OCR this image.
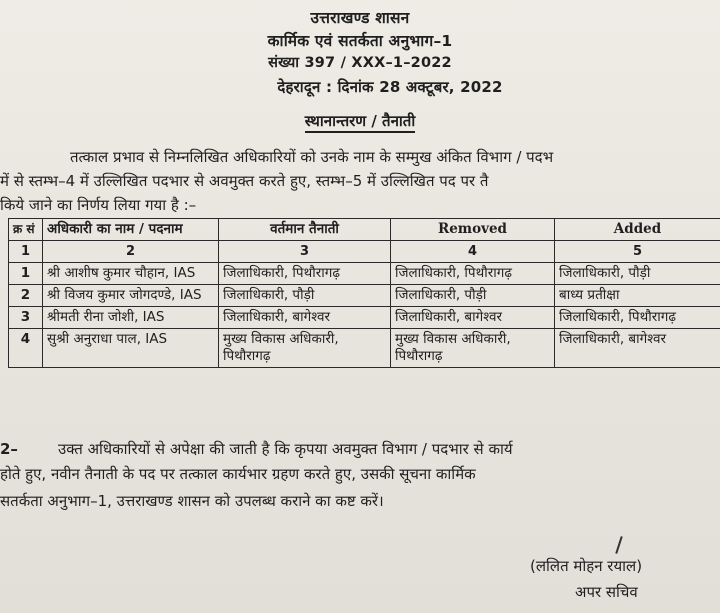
उत्तराखण्ड शासन
कार्मिक एवं सतर्कता अनुभाग–1
संख्या 397 / XXX–1–2022
देहरादून : दिनांक 28 अक्टूबर, 2022
स्थानान्तरण / तैनाती
तत्काल प्रभाव से निम्नलिखित अधिकारियों को उनके नाम के सम्मुख अंकित विभाग / पदभ
में से स्तम्भ–4 में उल्लिखित पदभार से अवमुक्त करते हुए, स्तम्भ–5 में उल्लिखित पद पर तै
किये जाने का निर्णय लिया गया है :–
क्र सं	अधिकारी का नाम / पदनाम	वर्तमान तैनाती	Removed	Added
1	2	3	4	5
1	श्री आशीष कुमार चौहान, IAS	जिलाधिकारी, पिथौरागढ़	जिलाधिकारी, पिथौरागढ़	जिलाधिकारी, पौड़ी
2	श्री विजय कुमार जोगदण्डे, IAS	जिलाधिकारी, पौड़ी	जिलाधिकारी, पौड़ी	बाध्य प्रतीक्षा
3	श्रीमती रीना जोशी, IAS	जिलाधिकारी, बागेश्वर	जिलाधिकारी, बागेश्वर	जिलाधिकारी, पिथौरागढ़
4	सुश्री अनुराधा पाल, IAS	मुख्य विकास अधिकारी, पिथौरागढ़	मुख्य विकास अधिकारी, पिथौरागढ़	जिलाधिकारी, बागेश्वर
2–	उक्त अधिकारियों से अपेक्षा की जाती है कि कृपया अवमुक्त विभाग / पदभार से कार्य
होते हुए, नवीन तैनाती के पद पर तत्काल कार्यभार ग्रहण करते हुए, उसकी सूचना कार्मिक
सतर्कता अनुभाग–1, उत्तराखण्ड शासन को उपलब्ध कराने का कष्ट करें।
(ललित मोहन रयाल)
अपर सचिव
